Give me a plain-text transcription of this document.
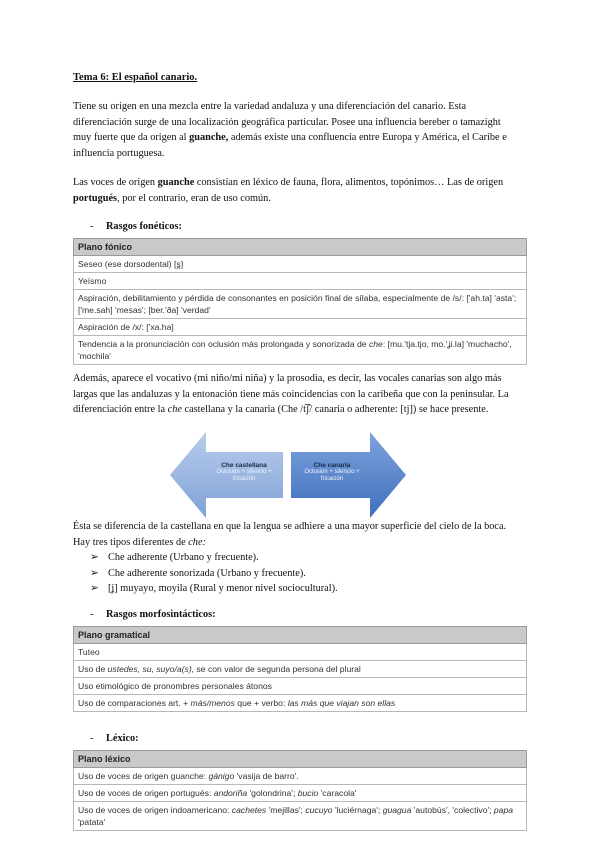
Tema 6: El español canario.

Tiene su origen en una mezcla entre la variedad andaluza y una diferenciación del canario. Esta diferenciación surge de una localización geográfica particular. Posee una influencia bereber o tamazight muy fuerte que da origen al guanche, además existe una confluencia entre Europa y América, el Caribe e influencia portuguesa.

Las voces de origen guanche consistían en léxico de fauna, flora, alimentos, topónimos… Las de origen portugués, por el contrario, eran de uso común.

- Rasgos fonéticos:
Plano fónico
Seseo (ese dorsodental) [s̪]
Yeísmo
Aspiración, debilitamiento y pérdida de consonantes en posición final de sílaba, especialmente de /s/: ['ah.ta] 'asta'; ['me.sah] 'mesas'; [ber.'ða] 'verdad'
Aspiración de /x/: ['xa.ha]
Tendencia a la pronunciación con oclusión más prolongada y sonorizada de che: [mu.'tja.tjo, mo.'ʝi.la] 'muchacho', 'mochila'

Además, aparece el vocativo (mi niño/mi niña) y la prosodia, es decir, las vocales canarias son algo más largas que las andaluzas y la entonación tiene más coincidencias con la caribeña que con la peninsular. La diferenciación entre la che castellana y la canaria (Che /t͡ʃ/ canaria o adherente: [tj]) se hace presente.

Che castellana
Oclusión + silencio + fricación
Che canaria
Oclusión + silencio + fricación

Ésta se diferencia de la castellana en que la lengua se adhiere a una mayor superficie del cielo de la boca. Hay tres tipos diferentes de che:

➢ Che adherente (Urbano y frecuente).
➢ Che adherente sonorizada (Urbano y frecuente).
➢ [ʝ] muyayo, moyila (Rural y menor nivel sociocultural).
- Rasgos morfosintácticos:
Plano gramatical
Tuteo
Uso de ustedes, su, suyo/a(s), se con valor de segunda persona del plural
Uso etimológico de pronombres personales átonos
Uso de comparaciones art. + más/menos que + verbo: las más que viajan son ellas
- Léxico:
Plano léxico
Uso de voces de origen guanche: gánigo 'vasija de barro'.
Uso de voces de origen portugués: andoriña 'golondrina'; bucio 'caracola'
Uso de voces de origen indoamericano: cachetes 'mejillas'; cucuyo 'luciérnaga'; guagua 'autobús', 'colectivo'; papa 'patata'
